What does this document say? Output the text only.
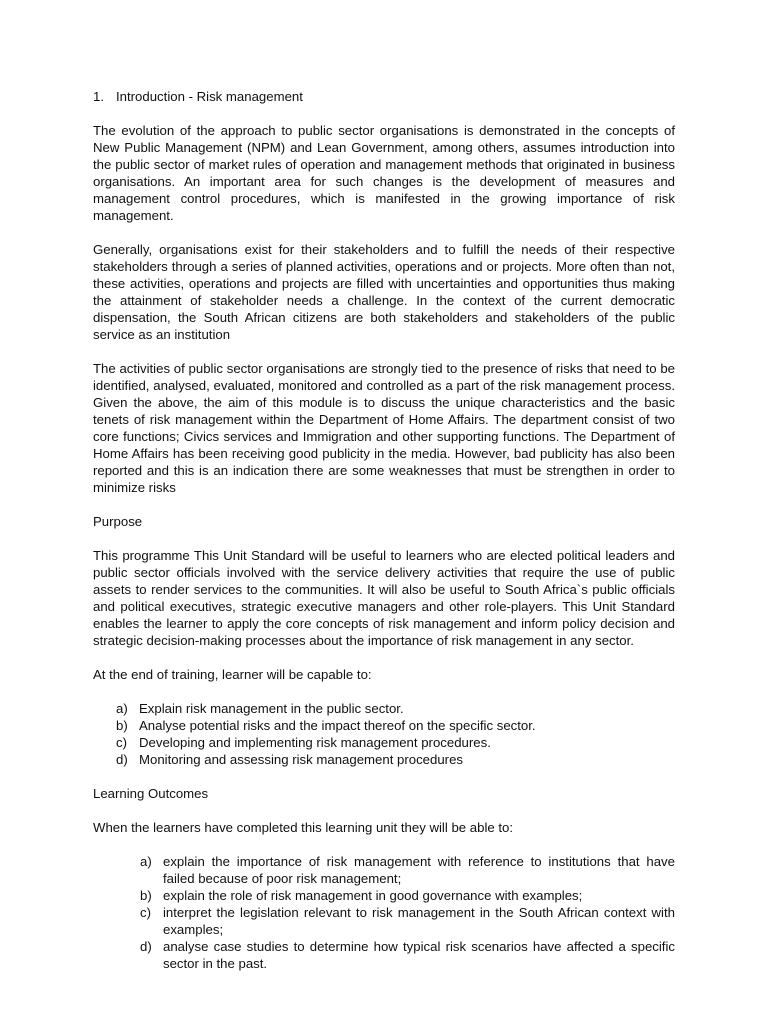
1. Introduction - Risk management

The evolution of the approach to public sector organisations is demonstrated in the concepts of New Public Management (NPM) and Lean Government, among others, assumes introduction into the public sector of market rules of operation and management methods that originated in business organisations. An important area for such changes is the development of measures and management control procedures, which is manifested in the growing importance of risk management.

Generally, organisations exist for their stakeholders and to fulfill the needs of their respective stakeholders through a series of planned activities, operations and or projects. More often than not, these activities, operations and projects are filled with uncertainties and opportunities thus making the attainment of stakeholder needs a challenge. In the context of the current democratic dispensation, the South African citizens are both stakeholders and stakeholders of the public service as an institution

The activities of public sector organisations are strongly tied to the presence of risks that need to be identified, analysed, evaluated, monitored and controlled as a part of the risk management process. Given the above, the aim of this module is to discuss the unique characteristics and the basic tenets of risk management within the Department of Home Affairs. The department consist of two core functions; Civics services and Immigration and other supporting functions. The Department of Home Affairs has been receiving good publicity in the media. However, bad publicity has also been reported and this is an indication there are some weaknesses that must be strengthen in order to minimize risks

Purpose

This programme This Unit Standard will be useful to learners who are elected political leaders and public sector officials involved with the service delivery activities that require the use of public assets to render services to the communities. It will also be useful to South Africa`s public officials and political executives, strategic executive managers and other role-players. This Unit Standard enables the learner to apply the core concepts of risk management and inform policy decision and strategic decision-making processes about the importance of risk management in any sector.

At the end of training, learner will be capable to:

a) Explain risk management in the public sector.
b) Analyse potential risks and the impact thereof on the specific sector.
c) Developing and implementing risk management procedures.
d) Monitoring and assessing risk management procedures

Learning Outcomes

When the learners have completed this learning unit they will be able to:

a) explain the importance of risk management with reference to institutions that have failed because of poor risk management;
b) explain the role of risk management in good governance with examples;
c) interpret the legislation relevant to risk management in the South African context with examples;
d) analyse case studies to determine how typical risk scenarios have affected a specific sector in the past.
